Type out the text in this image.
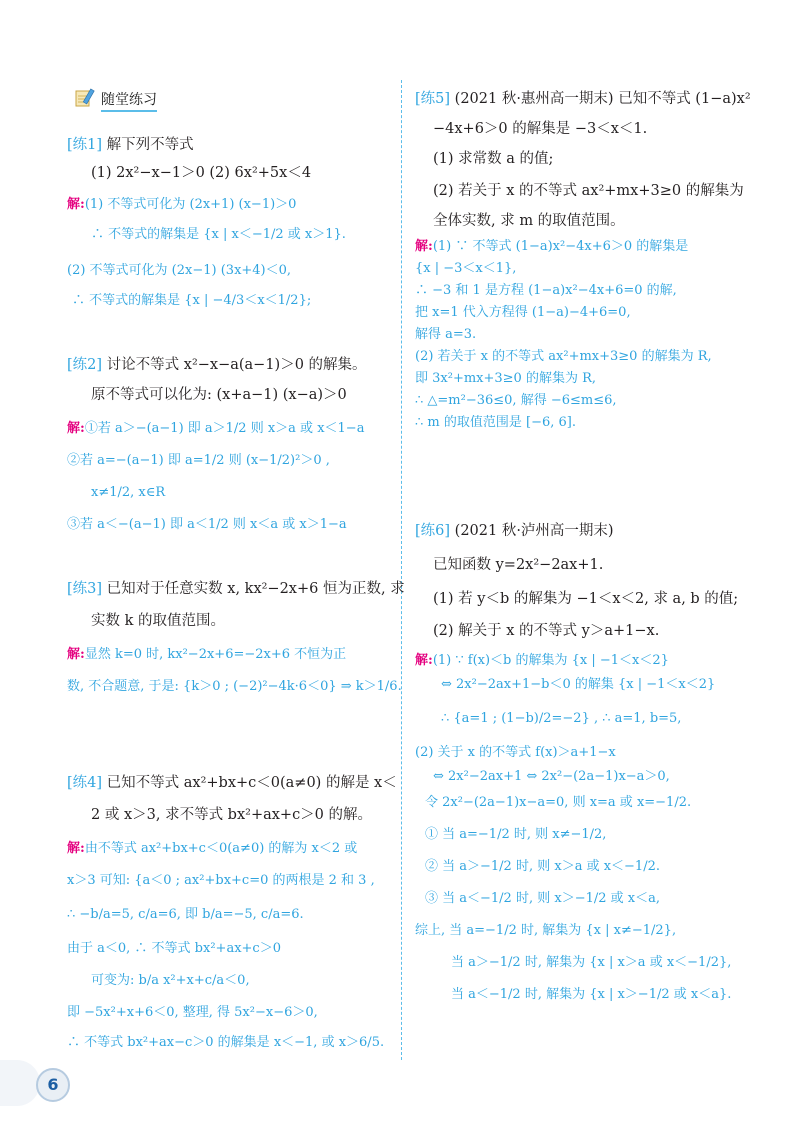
随堂练习
[练1] 解下列不等式
(1) 2x²−x−1＞0 (2) 6x²+5x＜4
解:(1) 不等式可化为 (2x+1) (x−1)＞0
∴ 不等式的解集是 {x | x＜−1/2 或 x＞1}.
(2) 不等式可化为 (2x−1) (3x+4)＜0,
∴ 不等式的解集是 {x | −4/3＜x＜1/2};
[练2] 讨论不等式 x²−x−a(a−1)＞0 的解集。
原不等式可以化为: (x+a−1) (x−a)＞0
解:①若 a＞−(a−1) 即 a＞1/2 则 x＞a 或 x＜1−a
②若 a=−(a−1) 即 a=1/2 则 (x−1/2)²＞0 ,
x≠1/2, x∈R
③若 a＜−(a−1) 即 a＜1/2 则 x＜a 或 x＞1−a
[练3] 已知对于任意实数 x, kx²−2x+6 恒为正数, 求
实数 k 的取值范围。
解:显然 k=0 时, kx²−2x+6=−2x+6 不恒为正
数, 不合题意, 于是: {k＞0 ; (−2)²−4k·6＜0} ⇒ k＞1/6.
[练4] 已知不等式 ax²+bx+c＜0(a≠0) 的解是 x＜
2 或 x＞3, 求不等式 bx²+ax+c＞0 的解。
解:由不等式 ax²+bx+c＜0(a≠0) 的解为 x＜2 或
x＞3 可知: {a＜0 ; ax²+bx+c=0 的两根是 2 和 3 ,
∴ −b/a=5, c/a=6, 即 b/a=−5, c/a=6.
由于 a＜0, ∴ 不等式 bx²+ax+c＞0
可变为: b/a x²+x+c/a＜0,
即 −5x²+x+6＜0, 整理, 得 5x²−x−6＞0,
∴ 不等式 bx²+ax−c＞0 的解集是 x＜−1, 或 x＞6/5.
[练5] (2021 秋·惠州高一期末) 已知不等式 (1−a)x²
−4x+6＞0 的解集是 −3＜x＜1.
(1) 求常数 a 的值;
(2) 若关于 x 的不等式 ax²+mx+3≥0 的解集为
全体实数, 求 m 的取值范围。
解:(1) ∵ 不等式 (1−a)x²−4x+6＞0 的解集是
{x | −3＜x＜1},
∴ −3 和 1 是方程 (1−a)x²−4x+6=0 的解,
把 x=1 代入方程得 (1−a)−4+6=0,
解得 a=3.
(2) 若关于 x 的不等式 ax²+mx+3≥0 的解集为 R,
即 3x²+mx+3≥0 的解集为 R,
∴ △=m²−36≤0, 解得 −6≤m≤6,
∴ m 的取值范围是 [−6, 6].
[练6] (2021 秋·泸州高一期末)
已知函数 y=2x²−2ax+1.
(1) 若 y＜b 的解集为 −1＜x＜2, 求 a, b 的值;
(2) 解关于 x 的不等式 y＞a+1−x.
解:(1) ∵ f(x)＜b 的解集为 {x | −1＜x＜2}
⇔ 2x²−2ax+1−b＜0 的解集 {x | −1＜x＜2}
∴ {a=1 ; (1−b)/2=−2} , ∴ a=1, b=5,
(2) 关于 x 的不等式 f(x)＞a+1−x
⇔ 2x²−2ax+1 ⇔ 2x²−(2a−1)x−a＞0,
令 2x²−(2a−1)x−a=0, 则 x=a 或 x=−1/2.
① 当 a=−1/2 时, 则 x≠−1/2,
② 当 a＞−1/2 时, 则 x＞a 或 x＜−1/2.
③ 当 a＜−1/2 时, 则 x＞−1/2 或 x＜a,
综上, 当 a=−1/2 时, 解集为 {x | x≠−1/2},
当 a＞−1/2 时, 解集为 {x | x＞a 或 x＜−1/2},
当 a＜−1/2 时, 解集为 {x | x＞−1/2 或 x＜a}.
6
